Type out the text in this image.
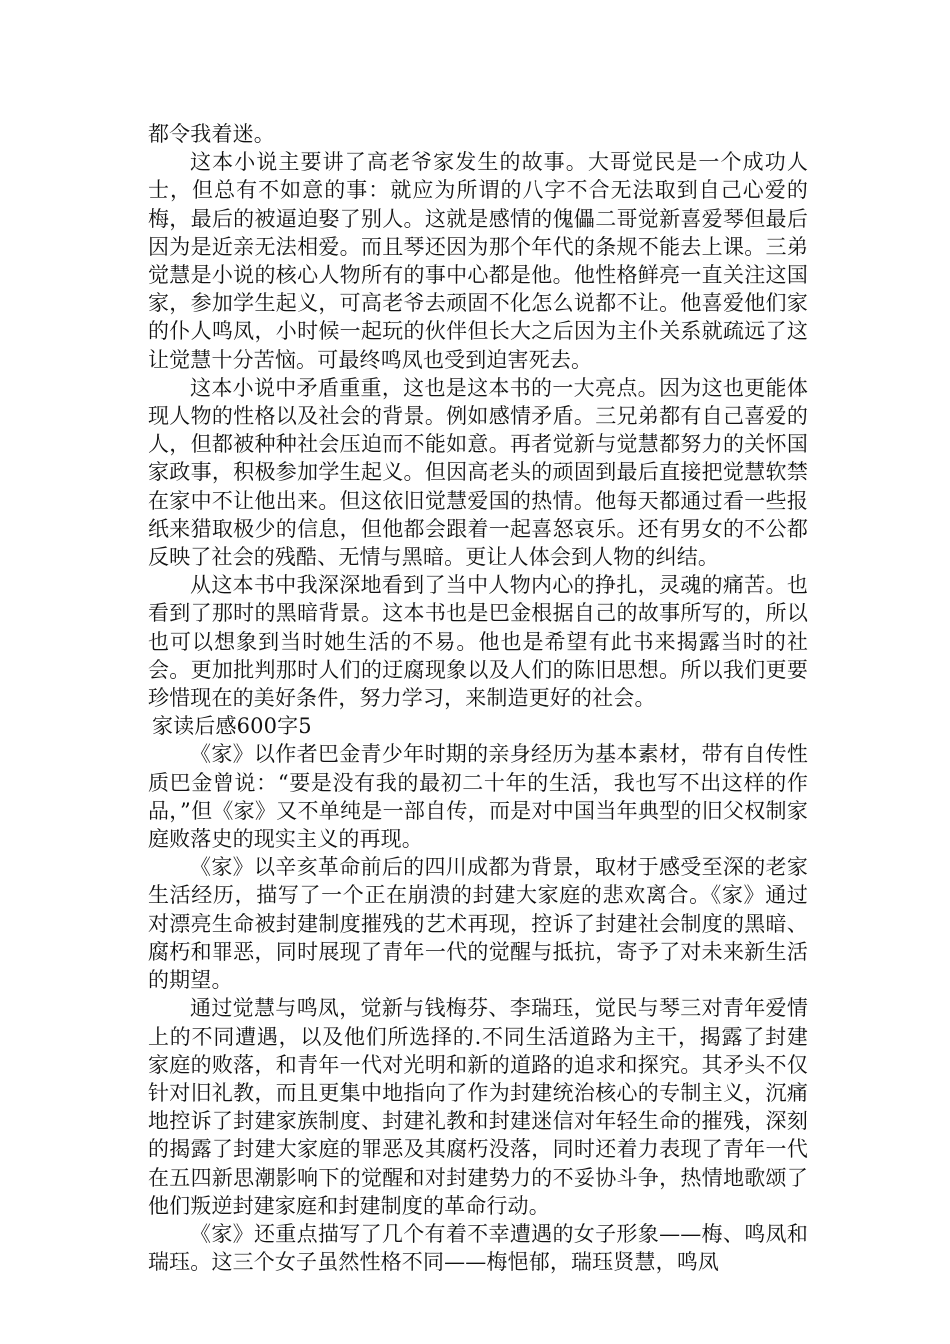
都令我着迷。

这本小说主要讲了高老爷家发生的故事。大哥觉民是一个成功人士，但总有不如意的事：就应为所谓的八字不合无法取到自己心爱的梅，最后的被逼迫娶了别人。这就是感情的傀儡二哥觉新喜爱琴但最后因为是近亲无法相爱。而且琴还因为那个年代的条规不能去上课。三弟觉慧是小说的核心人物所有的事中心都是他。他性格鲜亮一直关注这国家，参加学生起义，可高老爷去顽固不化怎么说都不让。他喜爱他们家的仆人鸣凤，小时候一起玩的伙伴但长大之后因为主仆关系就疏远了这让觉慧十分苦恼。可最终鸣凤也受到迫害死去。

这本小说中矛盾重重，这也是这本书的一大亮点。因为这也更能体现人物的性格以及社会的背景。例如感情矛盾。三兄弟都有自己喜爱的人，但都被种种社会压迫而不能如意。再者觉新与觉慧都努力的关怀国家政事，积极参加学生起义。但因高老头的顽固到最后直接把觉慧软禁在家中不让他出来。但这依旧觉慧爱国的热情。他每天都通过看一些报纸来猎取极少的信息，但他都会跟着一起喜怒哀乐。还有男女的不公都反映了社会的残酷、无情与黑暗。更让人体会到人物的纠结。

从这本书中我深深地看到了当中人物内心的挣扎，灵魂的痛苦。也看到了那时的黑暗背景。这本书也是巴金根据自己的故事所写的，所以也可以想象到当时她生活的不易。他也是希望有此书来揭露当时的社会。更加批判那时人们的迂腐现象以及人们的陈旧思想。所以我们更要珍惜现在的美好条件，努力学习，来制造更好的社会。

家读后感600字5

《家》以作者巴金青少年时期的亲身经历为基本素材，带有自传性质巴金曾说：“要是没有我的最初二十年的生活，我也写不出这样的作品，”但《家》又不单纯是一部自传，而是对中国当年典型的旧父权制家庭败落史的现实主义的再现。

《家》以辛亥革命前后的四川成都为背景，取材于感受至深的老家生活经历，描写了一个正在崩溃的封建大家庭的悲欢离合。《家》通过对漂亮生命被封建制度摧残的艺术再现，控诉了封建社会制度的黑暗、腐朽和罪恶，同时展现了青年一代的觉醒与抵抗，寄予了对未来新生活的期望。

通过觉慧与鸣凤，觉新与钱梅芬、李瑞珏，觉民与琴三对青年爱情上的不同遭遇，以及他们所选择的.不同生活道路为主干，揭露了封建家庭的败落，和青年一代对光明和新的道路的追求和探究。其矛头不仅针对旧礼教，而且更集中地指向了作为封建统治核心的专制主义，沉痛地控诉了封建家族制度、封建礼教和封建迷信对年轻生命的摧残，深刻的揭露了封建大家庭的罪恶及其腐朽没落，同时还着力表现了青年一代在五四新思潮影响下的觉醒和对封建势力的不妥协斗争，热情地歌颂了他们叛逆封建家庭和封建制度的革命行动。

《家》还重点描写了几个有着不幸遭遇的女子形象——梅、鸣凤和瑞珏。这三个女子虽然性格不同——梅悒郁，瑞珏贤慧，鸣凤
